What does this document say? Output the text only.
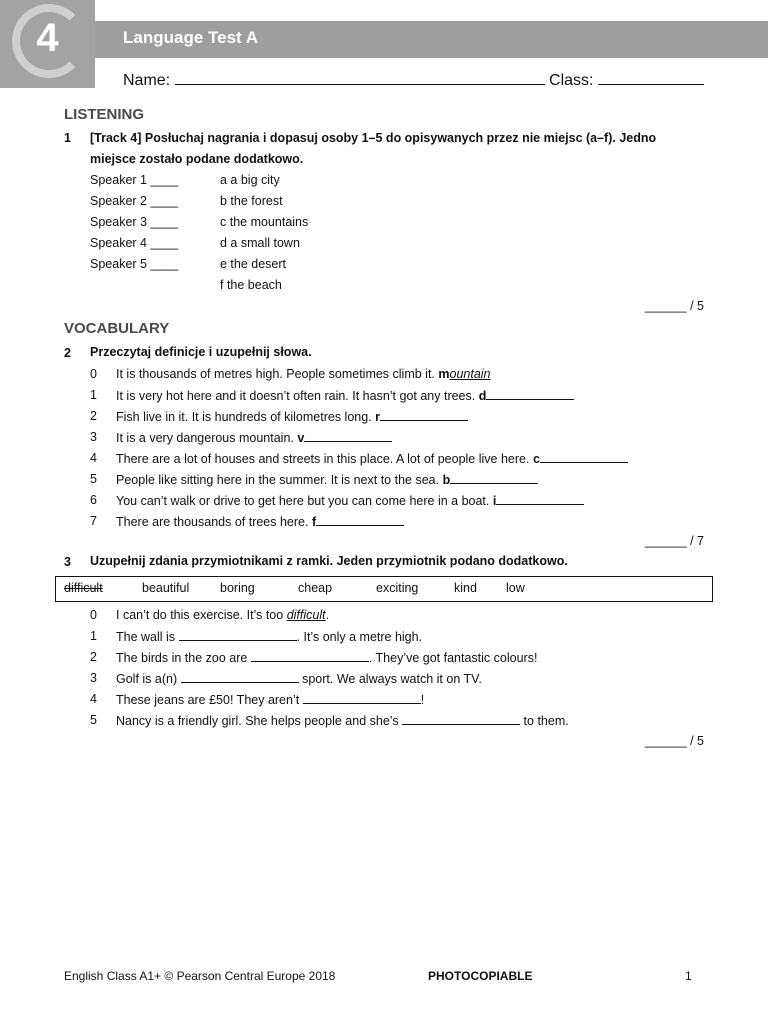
4	Language Test A
Name:	Class:
LISTENING
1 [Track 4] Posłuchaj nagrania i dopasuj osoby 1–5 do opisywanych przez nie miejsc (a–f). Jedno
miejsce zostało podane dodatkowo.
Speaker 1 ____
Speaker 2 ____
Speaker 3 ____
Speaker 4 ____
Speaker 5 ____
a a big city
b the forest
c the mountains
d a small town
e the desert
f the beach
______ / 5
VOCABULARY
2 Przeczytaj definicje i uzupełnij słowa.
0 It is thousands of metres high. People sometimes climb it. mountain
1 It is very hot here and it doesn’t often rain. It hasn’t got any trees. d
2 Fish live in it. It is hundreds of kilometres long. r
3 It is a very dangerous mountain. v
4 There are a lot of houses and streets in this place. A lot of people live here. c
5 People like sitting here in the summer. It is next to the sea. b
6 You can’t walk or drive to get here but you can come here in a boat. i
7 There are thousands of trees here. f
______ / 7
3 Uzupełnij zdania przymiotnikami z ramki. Jeden przymiotnik podano dodatkowo.
difficult	beautiful boring	cheap	exciting	kind low
0 I can’t do this exercise. It’s too difficult.
1 The wall is	. It’s only a metre high.
2 The birds in the zoo are	. They’ve got fantastic colours!
3 Golf is a(n)	sport. We always watch it on TV.
4 These jeans are £50! They aren’t	!
5 Nancy is a friendly girl. She helps people and she’s	to them.
______ / 5
English Class A1+ © Pearson Central Europe 2018	PHOTOCOPIABLE	1
